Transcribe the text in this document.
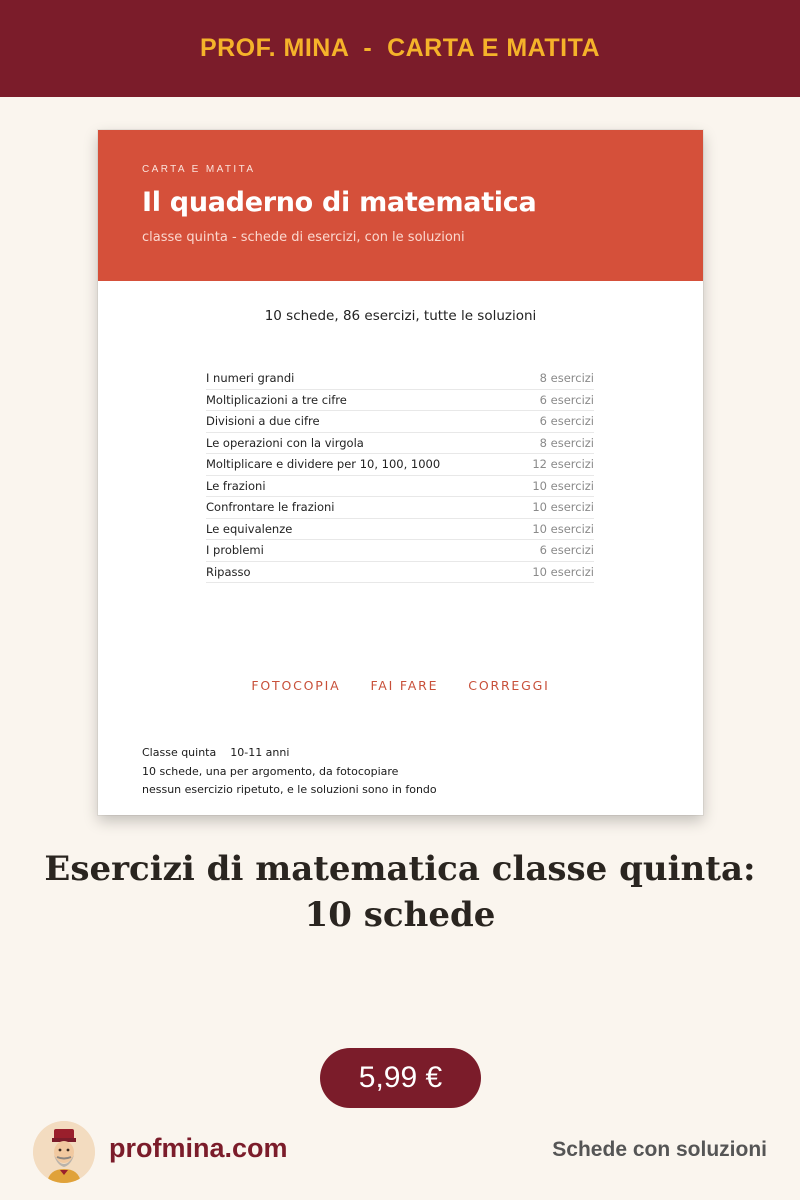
PROF. MINA  -  CARTA E MATITA
CARTA E MATITA
Il quaderno di matematica
classe quinta - schede di esercizi, con le soluzioni
10 schede, 86 esercizi, tutte le soluzioni
I numeri grandi	8 esercizi
Moltiplicazioni a tre cifre	6 esercizi
Divisioni a due cifre	6 esercizi
Le operazioni con la virgola	8 esercizi
Moltiplicare e dividere per 10, 100, 1000	12 esercizi
Le frazioni	10 esercizi
Confrontare le frazioni	10 esercizi
Le equivalenze	10 esercizi
I problemi	6 esercizi
Ripasso	10 esercizi
FOTOCOPIA FAI FARE CORREGGI
Classe quinta    10-11 anni
10 schede, una per argomento, da fotocopiare
nessun esercizio ripetuto, e le soluzioni sono in fondo
Esercizi di matematica classe quinta:
10 schede
5,99 €
profmina.com	Schede con soluzioni
